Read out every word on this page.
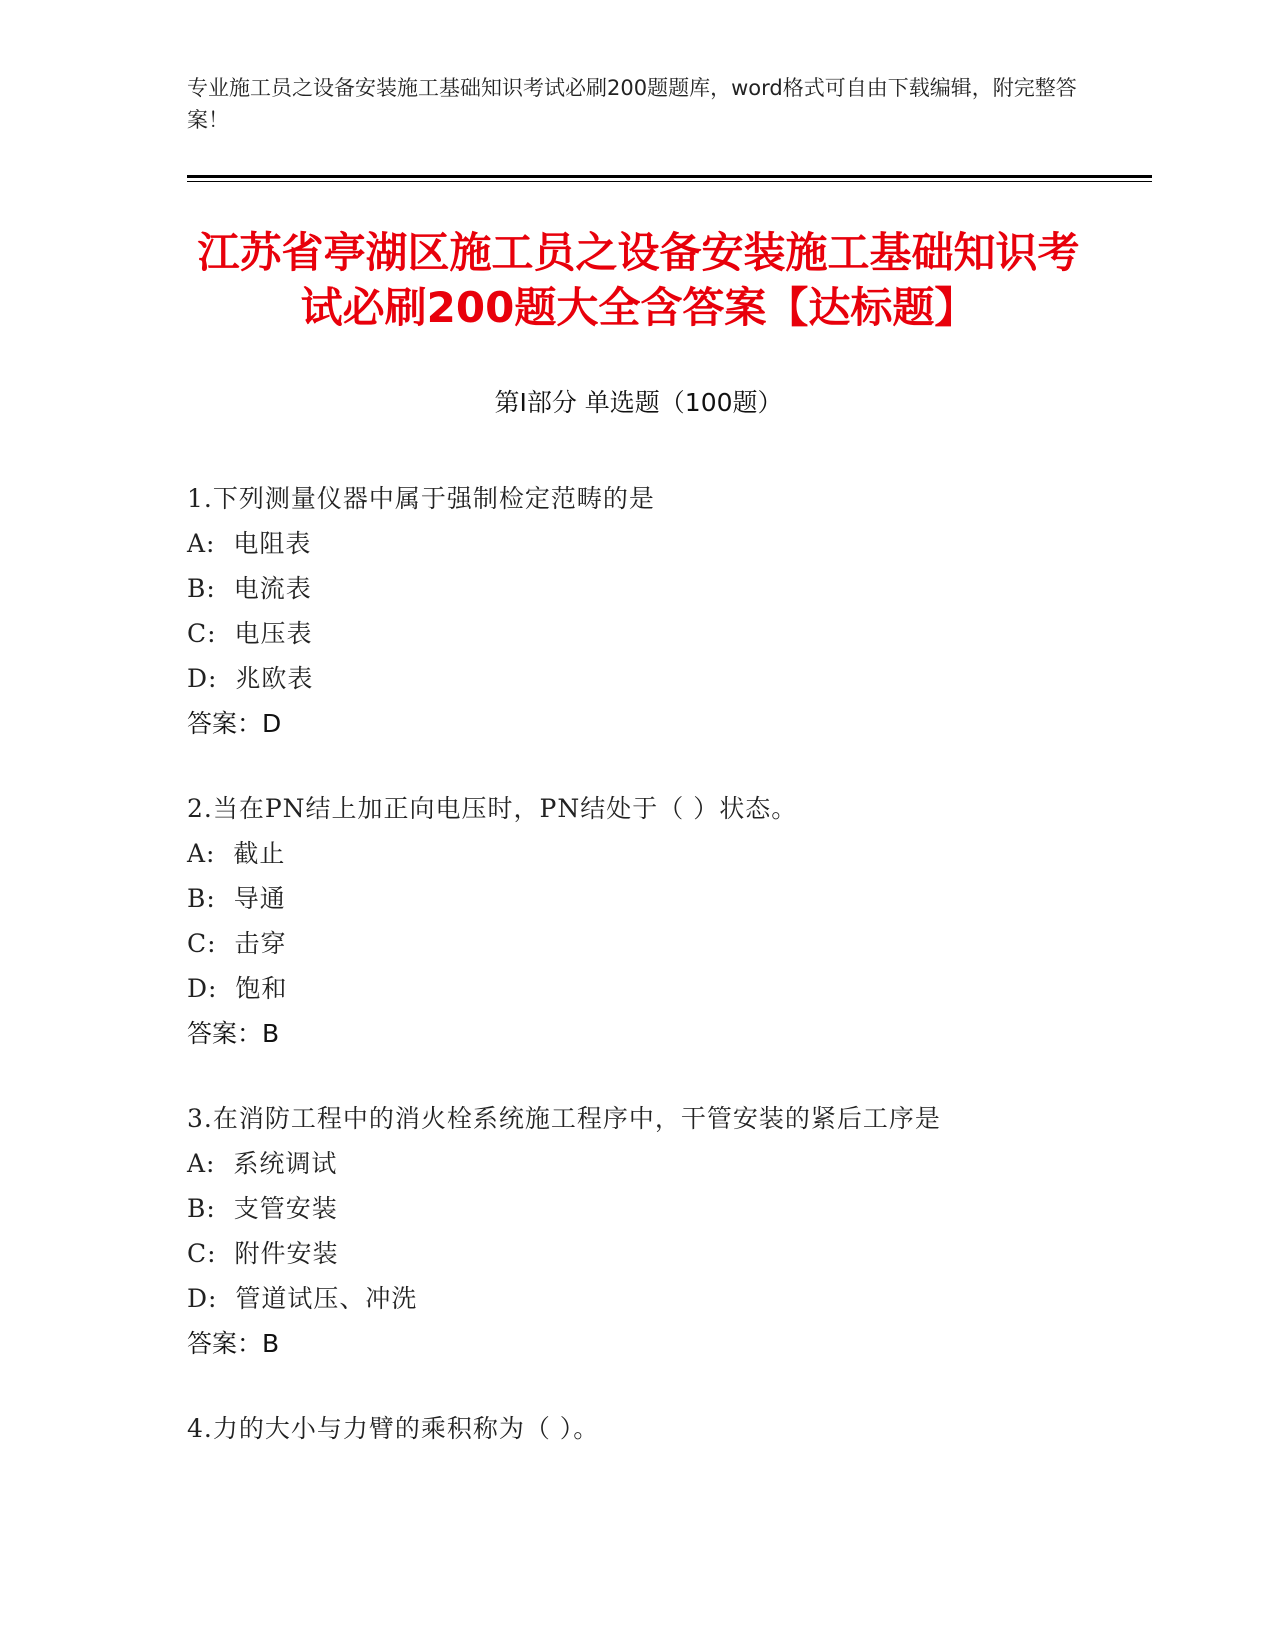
专业施工员之设备安装施工基础知识考试必刷200题题库，word格式可自由下载编辑，附完整答案！
江苏省亭湖区施工员之设备安装施工基础知识考试必刷200题大全含答案【达标题】
第Ⅰ部分 单选题（100题）
1.下列测量仪器中属于强制检定范畴的是
A:  电阻表
B:  电流表
C:  电压表
D:  兆欧表
答案：D
2.当在PN结上加正向电压时，PN结处于（ ）状态。
A:  截止
B:  导通
C:  击穿
D:  饱和
答案：B
3.在消防工程中的消火栓系统施工程序中，干管安装的紧后工序是
A:  系统调试
B:  支管安装
C:  附件安装
D:  管道试压、冲洗
答案：B
4.力的大小与力臂的乘积称为（ ）。
